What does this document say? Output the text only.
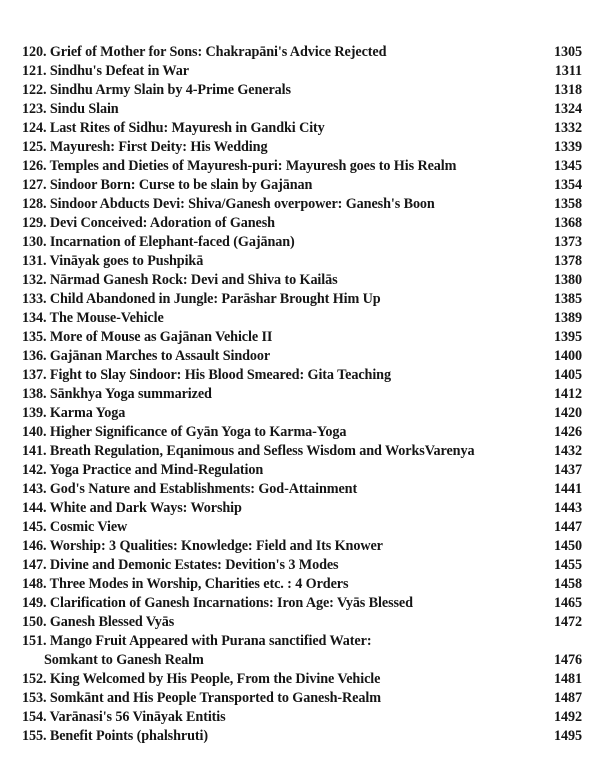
120. Grief of Mother for Sons: Chakrapāni's Advice Rejected	1305
121. Sindhu's Defeat in War	1311
122. Sindhu Army Slain by 4-Prime Generals	1318
123. Sindu Slain	1324
124. Last Rites of Sidhu: Mayuresh in Gandki City	1332
125. Mayuresh: First Deity: His Wedding	1339
126. Temples and Dieties of Mayuresh-puri: Mayuresh goes to His Realm	1345
127. Sindoor Born: Curse to be slain by Gajānan	1354
128. Sindoor Abducts Devi: Shiva/Ganesh overpower: Ganesh's Boon	1358
129. Devi Conceived: Adoration of Ganesh	1368
130. Incarnation of Elephant-faced (Gajānan)	1373
131. Vināyak goes to Pushpikā	1378
132. Nārmad Ganesh Rock: Devi and Shiva to Kailās	1380
133. Child Abandoned in Jungle: Parāshar Brought Him Up	1385
134. The Mouse-Vehicle	1389
135. More of Mouse as Gajānan Vehicle II	1395
136. Gajānan Marches to Assault Sindoor	1400
137. Fight to Slay Sindoor: His Blood Smeared: Gita Teaching	1405
138. Sānkhya Yoga summarized	1412
139. Karma Yoga	1420
140. Higher Significance of Gyān Yoga to Karma-Yoga	1426
141. Breath Regulation, Eqanimous and Sefless Wisdom and WorksVarenya	1432
142. Yoga Practice and Mind-Regulation	1437
143. God's Nature and Establishments: God-Attainment	1441
144. White and Dark Ways: Worship	1443
145. Cosmic View	1447
146. Worship: 3 Qualities: Knowledge: Field and Its Knower	1450
147. Divine and Demonic Estates: Devition's 3 Modes	1455
148. Three Modes in Worship, Charities etc. : 4 Orders	1458
149. Clarification of Ganesh Incarnations: Iron Age: Vyās Blessed	1465
150. Ganesh Blessed Vyās	1472
151. Mango Fruit Appeared with Purana sanctified Water:
Somkant to Ganesh Realm	1476
152. King Welcomed by His People, From the Divine Vehicle	1481
153. Somkānt and His People Transported to Ganesh-Realm	1487
154. Varānasi's 56 Vināyak Entitis	1492
155. Benefit Points (phalshruti)	1495
